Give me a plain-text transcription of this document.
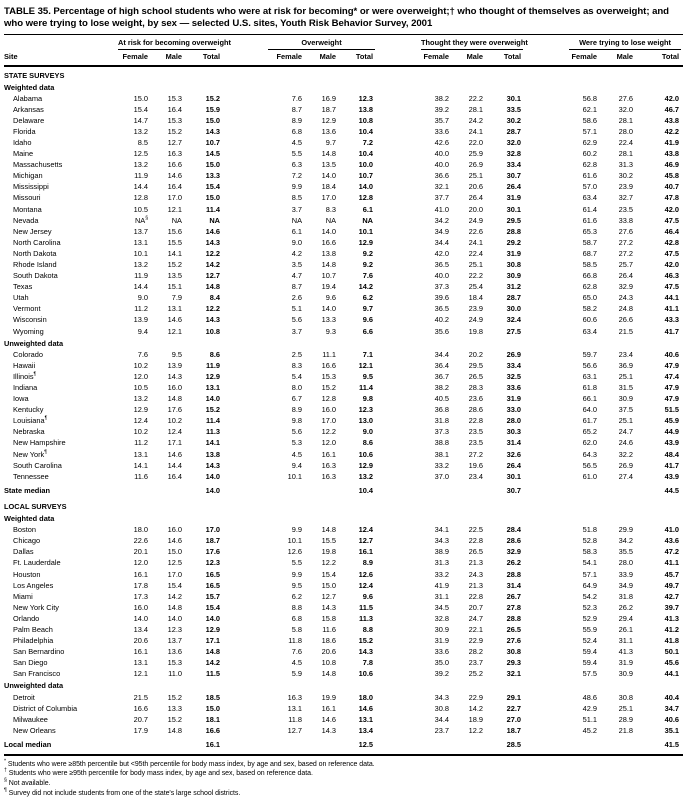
TABLE 35. Percentage of high school students who were at risk for becoming* or were overweight;† who thought of themselves as overweight; and who were trying to lose weight, by sex — selected U.S. sites, Youth Risk Behavior Survey, 2001

	At risk for becoming overweight			Overweight			Thought they were overweight			Were trying to lose weight		

Site	Female	Male	Total	Female	Male	Total	Female	Male	Total	Female	Male	Total
STATE SURVEYS												
Weighted data												
Alabama	15.0	15.3	15.2	7.6	16.9	12.3	38.2	22.2	30.1	56.8	27.6	42.0
Arkansas	15.4	16.4	15.9	8.7	18.7	13.8	39.2	28.1	33.5	62.1	32.0	46.7
Delaware	14.7	15.3	15.0	8.9	12.9	10.8	35.7	24.2	30.2	58.6	28.1	43.8
Florida	13.2	15.2	14.3	6.8	13.6	10.4	33.6	24.1	28.7	57.1	28.0	42.2
Idaho	8.5	12.7	10.7	4.5	9.7	7.2	42.6	22.0	32.0	62.9	22.4	41.9
Maine	12.5	16.3	14.5	5.5	14.8	10.4	40.0	25.9	32.8	60.2	28.1	43.8
Massachusetts	13.2	16.6	15.0	6.3	13.5	10.0	40.0	26.9	33.4	62.8	31.3	46.9
Michigan	11.9	14.6	13.3	7.2	14.0	10.7	36.6	25.1	30.7	61.6	30.2	45.8
Mississippi	14.4	16.4	15.4	9.9	18.4	14.0	32.1	20.6	26.4	57.0	23.9	40.7
Missouri	12.8	17.0	15.0	8.5	17.0	12.8	37.7	26.4	31.9	63.4	32.7	47.8
Montana	10.5	12.1	11.4	3.7	8.3	6.1	41.0	20.0	30.1	61.4	23.5	42.0
Nevada	NA§	NA	NA	NA	NA	NA	34.2	24.9	29.5	61.6	33.8	47.5
New Jersey	13.7	15.6	14.6	6.1	14.0	10.1	34.9	22.6	28.8	65.3	27.6	46.4
North Carolina	13.1	15.5	14.3	9.0	16.6	12.9	34.4	24.1	29.2	58.7	27.2	42.8
North Dakota	10.1	14.1	12.2	4.2	13.8	9.2	42.0	22.4	31.9	68.7	27.2	47.5
Rhode Island	13.2	15.2	14.2	3.5	14.8	9.2	36.5	25.1	30.8	58.5	25.7	42.0
South Dakota	11.9	13.5	12.7	4.7	10.7	7.6	40.0	22.2	30.9	66.8	26.4	46.3
Texas	14.4	15.1	14.8	8.7	19.4	14.2	37.3	25.4	31.2	62.8	32.9	47.5
Utah	9.0	7.9	8.4	2.6	9.6	6.2	39.6	18.4	28.7	65.0	24.3	44.1
Vermont	11.2	13.1	12.2	5.1	14.0	9.7	36.5	23.9	30.0	58.2	24.8	41.1
Wisconsin	13.9	14.6	14.3	5.6	13.3	9.6	40.2	24.9	32.4	60.6	26.6	43.3
Wyoming	9.4	12.1	10.8	3.7	9.3	6.6	35.6	19.8	27.5	63.4	21.5	41.7
Unweighted data												
Colorado	7.6	9.5	8.6	2.5	11.1	7.1	34.4	20.2	26.9	59.7	23.4	40.6
Hawaii	10.2	13.9	11.9	8.3	16.6	12.1	36.4	29.5	33.4	56.6	36.9	47.9
Illinois¶	12.0	14.3	12.9	5.4	15.3	9.5	36.7	26.5	32.5	63.1	25.1	47.4
Indiana	10.5	16.0	13.1	8.0	15.2	11.4	38.2	28.3	33.6	61.8	31.5	47.9
Iowa	13.2	14.8	14.0	6.7	12.8	9.8	40.5	23.6	31.9	66.1	30.9	47.9
Kentucky	12.9	17.6	15.2	8.9	16.0	12.3	36.8	28.6	33.0	64.0	37.5	51.5
Louisiana¶	12.4	10.2	11.4	9.8	17.0	13.0	31.8	22.8	28.0	61.7	25.1	45.9
Nebraska	10.2	12.4	11.3	5.6	12.2	9.0	37.3	23.5	30.3	65.2	24.7	44.9
New Hampshire	11.2	17.1	14.1	5.3	12.0	8.6	38.8	23.5	31.4	62.0	24.6	43.9
New York¶	13.1	14.6	13.8	4.5	16.1	10.6	38.1	27.2	32.6	64.3	32.2	48.4
South Carolina	14.1	14.4	14.3	9.4	16.3	12.9	33.2	19.6	26.4	56.5	26.9	41.7
Tennessee	11.6	16.4	14.0	10.1	16.3	13.2	37.0	23.4	30.1	61.0	27.4	43.9
State median			14.0			10.4			30.7			44.5
LOCAL SURVEYS												
Weighted data												
Boston	18.0	16.0	17.0	9.9	14.8	12.4	34.1	22.5	28.4	51.8	29.9	41.0
Chicago	22.6	14.6	18.7	10.1	15.5	12.7	34.3	22.8	28.6	52.8	34.2	43.6
Dallas	20.1	15.0	17.6	12.6	19.8	16.1	38.9	26.5	32.9	58.3	35.5	47.2
Ft. Lauderdale	12.0	12.5	12.3	5.5	12.2	8.9	31.3	21.3	26.2	54.1	28.0	41.1
Houston	16.1	17.0	16.5	9.9	15.4	12.6	33.2	24.3	28.8	57.1	33.9	45.7
Los Angeles	17.8	15.4	16.5	9.5	15.0	12.4	41.9	21.3	31.4	64.9	34.9	49.7
Miami	17.3	14.2	15.7	6.2	12.7	9.6	31.1	22.8	26.7	54.2	31.8	42.7
New York City	16.0	14.8	15.4	8.8	14.3	11.5	34.5	20.7	27.8	52.3	26.2	39.7
Orlando	14.0	14.0	14.0	6.8	15.8	11.3	32.8	24.7	28.8	52.9	29.4	41.3
Palm Beach	13.4	12.3	12.9	5.8	11.6	8.8	30.9	22.1	26.5	55.9	26.1	41.2
Philadelphia	20.6	13.7	17.1	11.8	18.6	15.2	31.9	22.9	27.6	52.4	31.1	41.8
San Bernardino	16.1	13.6	14.8	7.6	20.6	14.3	33.6	28.2	30.8	59.4	41.3	50.1
San Diego	13.1	15.3	14.2	4.5	10.8	7.8	35.0	23.7	29.3	59.4	31.9	45.6
San Francisco	12.1	11.0	11.5	5.9	14.8	10.6	39.2	25.2	32.1	57.5	30.9	44.1
Unweighted data												
Detroit	21.5	15.2	18.5	16.3	19.9	18.0	34.3	22.9	29.1	48.6	30.8	40.4
District of Columbia	16.6	13.3	15.0	13.1	16.1	14.6	30.8	14.2	22.7	42.9	25.1	34.7
Milwaukee	20.7	15.2	18.1	11.8	14.6	13.1	34.4	18.9	27.0	51.1	28.9	40.6
New Orleans	17.9	14.8	16.6	12.7	14.3	13.4	23.7	12.2	18.7	45.2	21.8	35.1
Local median			16.1			12.5			28.5			41.5
* Students who were ≥85th percentile but <95th percentile for body mass index, by age and sex, based on reference data.
† Students who were ≥95th percentile for body mass index, by age and sex, based on reference data.
§ Not available.
¶ Survey did not include students from one of the state's large school districts.
